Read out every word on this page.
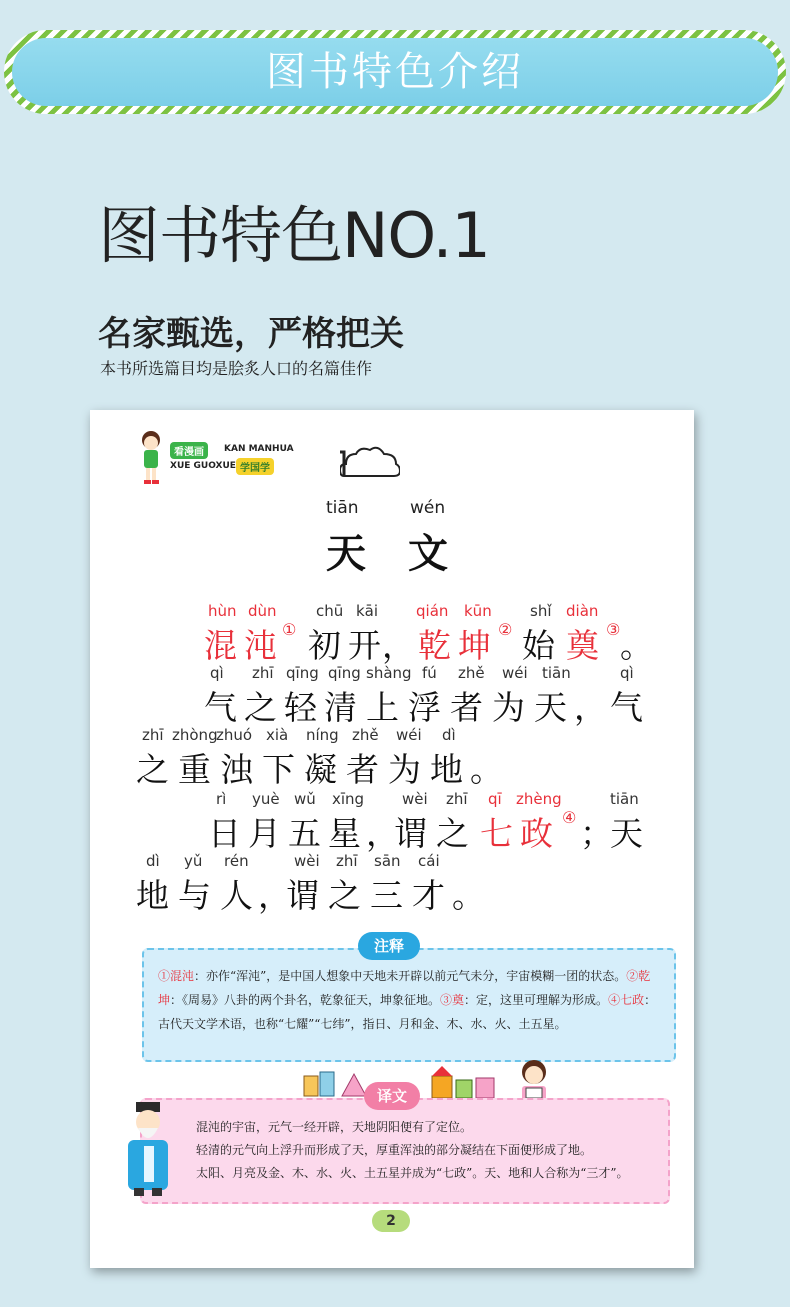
图书特色介绍
图书特色NO.1
名家甄选，严格把关
本书所选篇目均是脍炙人口的名篇佳作
看漫画	KAN MANHUA
XUE GUOXUE 学国学
tiān	wén
天 文
hùn dùn	chū kāi	qián kūn	shǐ diàn
混 沌 ① 初 开 ， 乾 坤 ② 始 奠 ③ 。
qì zhī qīng qīng shàng fú zhě wéi tiān	qì
气 之 轻 清 上 浮 者 为 天 ， 气
zhī zhòng
zhuó xià níng zhě wéi dì
之 重 浊 下 凝 者 为 地 。
rì yuè wǔ xīng	wèi zhī qī zhèng	tiān
日 月 五 星 ，
谓 之 七 政 ④ ；
天
dì yǔ rén	wèi zhī sān cái
地 与 人 ，
谓 之 三 才 。
①混沌：亦作“浑沌”，是中国人想象中天地未开辟以前元气未分，宇宙模糊一团的状态。②乾坤：《周易》八卦的两个卦名，乾象征天，坤象征地。③奠：定，这里可理解为形成。④七政：古代天文学术语，也称“七耀”“七纬”，指日、月和金、木、水、火、土五星。
注释
混沌的宇宙，元气一经开辟，天地阴阳便有了定位。
轻清的元气向上浮升而形成了天，厚重浑浊的部分凝结在下面便形成了地。
太阳、月亮及金、木、水、火、土五星并成为“七政”。天、地和人合称为“三才”。
译文
2
